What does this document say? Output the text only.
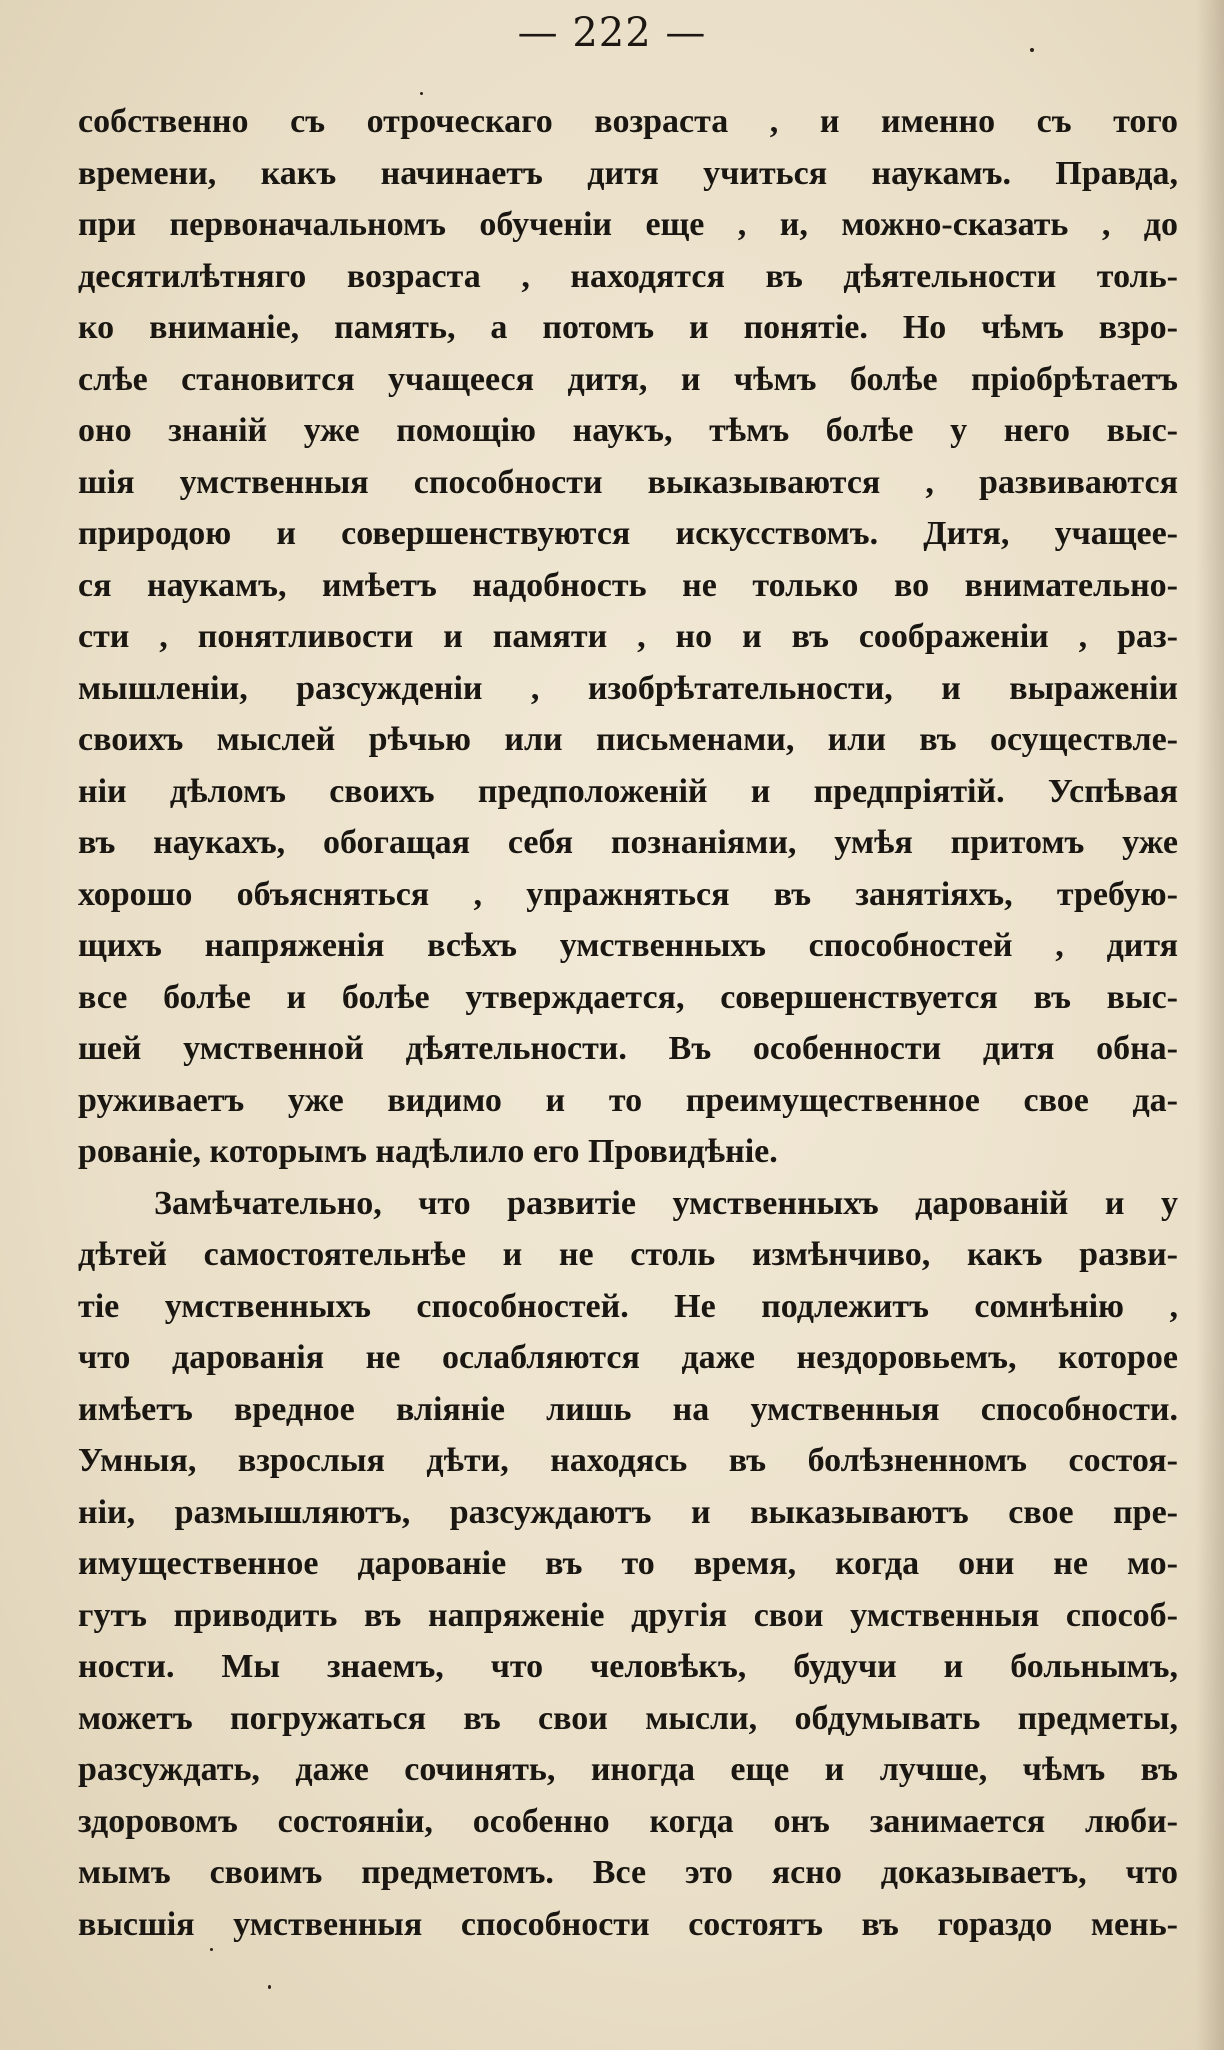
— 222 —
собственно съ отроческаго возраста , и именно съ того
времени, какъ начинаетъ дитя учиться наукамъ. Правда,
при первоначальномъ обученіи еще , и, можно-сказать , до
десятилѣтняго возраста , находятся въ дѣятельности толь-
ко вниманіе, память, а потомъ и понятіе. Но чѣмъ взро-
слѣе становится учащееся дитя, и чѣмъ болѣе пріобрѣтаетъ
оно знаній уже помощію наукъ, тѣмъ болѣе у него выс-
шія умственныя способности выказываются , развиваются
природою и совершенствуются искусствомъ. Дитя, учащее-
ся наукамъ, имѣетъ надобность не только во внимательно-
сти , понятливости и памяти , но и въ соображеніи , раз-
мышленіи, разсужденіи , изобрѣтательности, и выраженіи
своихъ мыслей рѣчью или письменами, или въ осуществле-
ніи дѣломъ своихъ предположеній и предпріятій. Успѣвая
въ наукахъ, обогащая себя познаніями, умѣя притомъ уже
хорошо объясняться , упражняться въ занятіяхъ, требую-
щихъ напряженія всѣхъ умственныхъ способностей , дитя
все болѣе и болѣе утверждается, совершенствуется въ выс-
шей умственной дѣятельности. Въ особенности дитя обна-
руживаетъ уже видимо и то преимущественное свое да-
рованіе, которымъ надѣлило его Провидѣніе.
Замѣчательно, что развитіе умственныхъ дарованій и у
дѣтей самостоятельнѣе и не столь измѣнчиво, какъ разви-
тіе умственныхъ способностей. Не подлежитъ сомнѣнію ,
что дарованія не ослабляются даже нездоровьемъ, которое
имѣетъ вредное вліяніе лишь на умственныя способности.
Умныя, взрослыя дѣти, находясь въ болѣзненномъ состоя-
ніи, размышляютъ, разсуждаютъ и выказываютъ свое пре-
имущественное дарованіе въ то время, когда они не мо-
гутъ приводить въ напряженіе другія свои умственныя способ-
ности. Мы знаемъ, что человѣкъ, будучи и больнымъ,
можетъ погружаться въ свои мысли, обдумывать предметы,
разсуждать, даже сочинять, иногда еще и лучше, чѣмъ въ
здоровомъ состояніи, особенно когда онъ занимается люби-
мымъ своимъ предметомъ. Все это ясно доказываетъ, что
высшія умственныя способности состоятъ въ гораздо мень-
